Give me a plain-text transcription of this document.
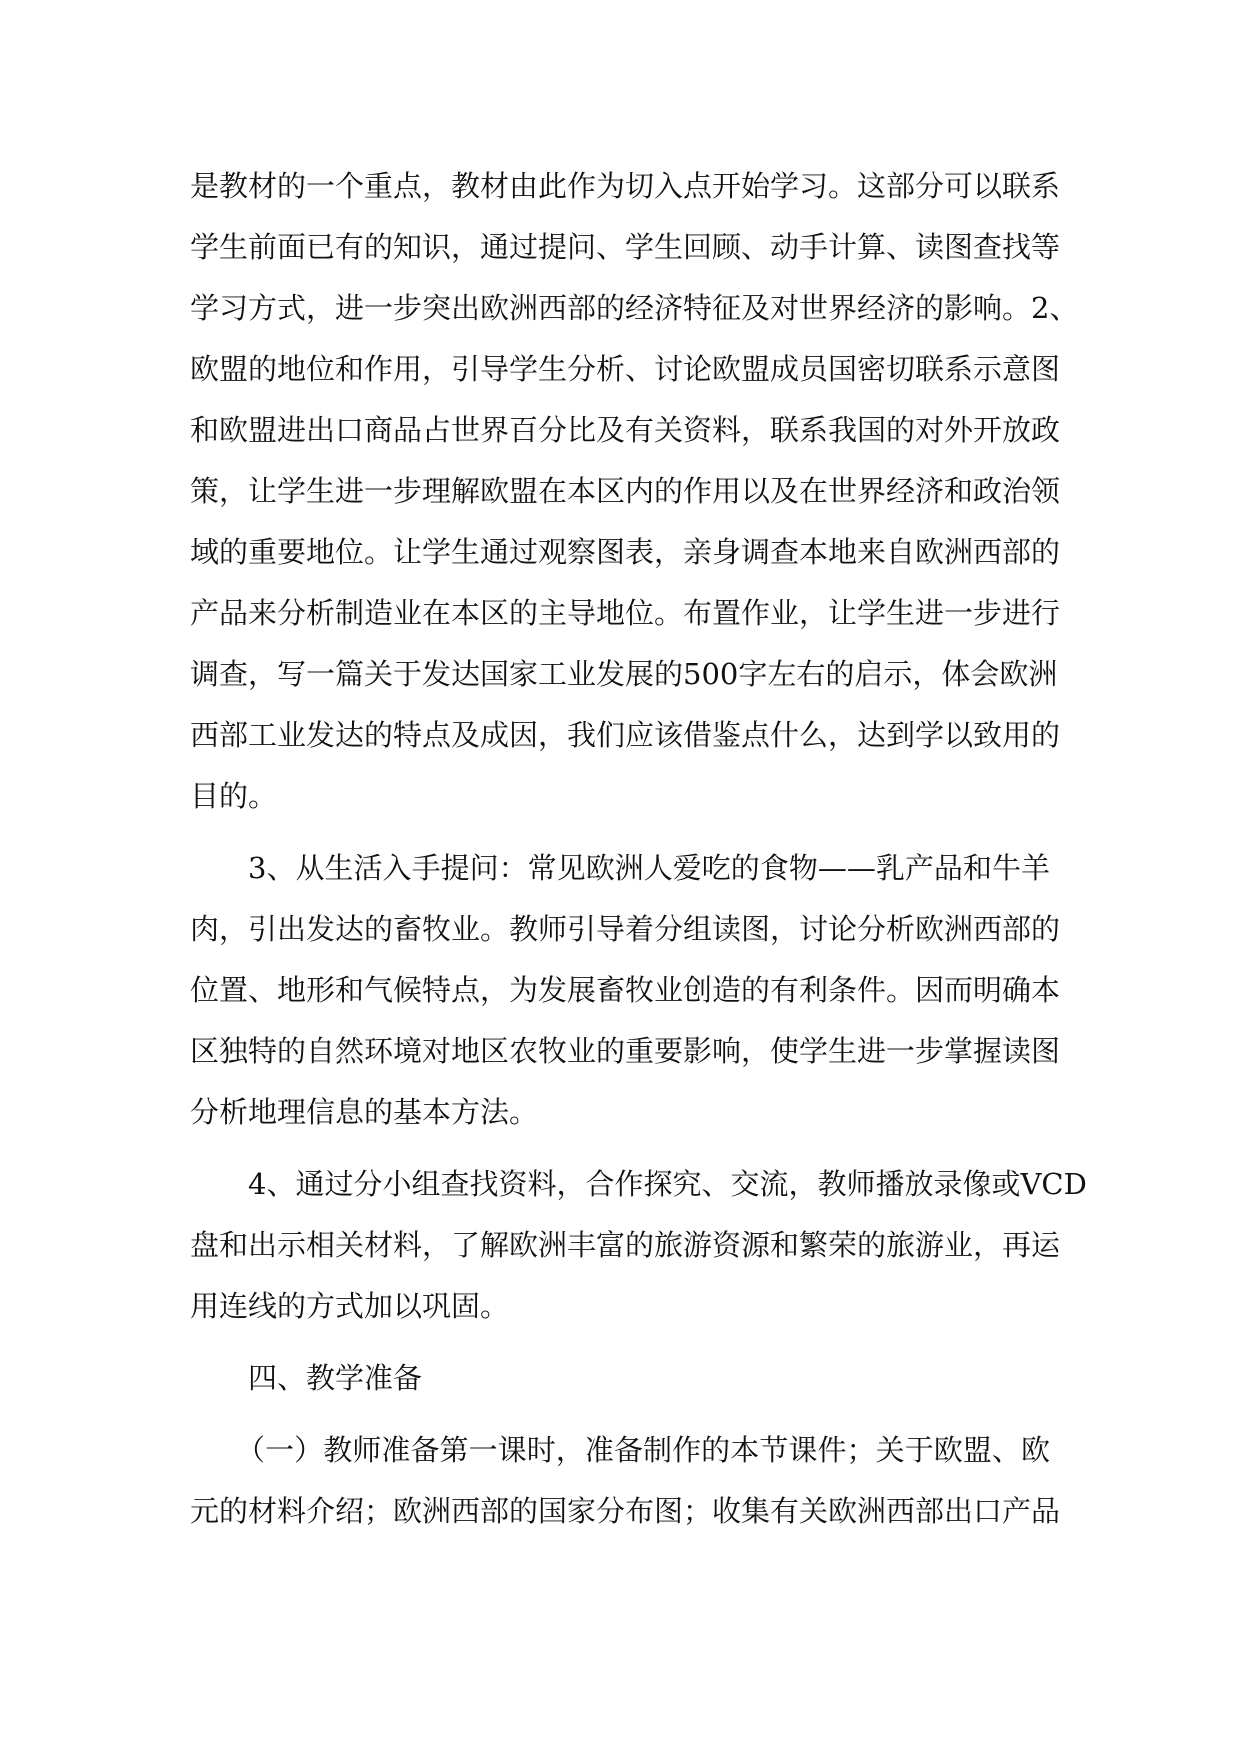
是教材的一个重点，教材由此作为切入点开始学习。这部分可以联系
学生前面已有的知识，通过提问、学生回顾、动手计算、读图查找等
学习方式，进一步突出欧洲西部的经济特征及对世界经济的影响。2、
欧盟的地位和作用，引导学生分析、讨论欧盟成员国密切联系示意图
和欧盟进出口商品占世界百分比及有关资料，联系我国的对外开放政
策，让学生进一步理解欧盟在本区内的作用以及在世界经济和政治领
域的重要地位。让学生通过观察图表，亲身调查本地来自欧洲西部的
产品来分析制造业在本区的主导地位。布置作业，让学生进一步进行
调查，写一篇关于发达国家工业发展的500字左右的启示，体会欧洲
西部工业发达的特点及成因，我们应该借鉴点什么，达到学以致用的
目的。
3、从生活入手提问：常见欧洲人爱吃的食物——乳产品和牛羊
肉，引出发达的畜牧业。教师引导着分组读图，讨论分析欧洲西部的
位置、地形和气候特点，为发展畜牧业创造的有利条件。因而明确本
区独特的自然环境对地区农牧业的重要影响，使学生进一步掌握读图
分析地理信息的基本方法。
4、通过分小组查找资料，合作探究、交流，教师播放录像或VCD
盘和出示相关材料，了解欧洲丰富的旅游资源和繁荣的旅游业，再运
用连线的方式加以巩固。
四、教学准备
（一）教师准备第一课时，准备制作的本节课件；关于欧盟、欧
元的材料介绍；欧洲西部的国家分布图；收集有关欧洲西部出口产品
